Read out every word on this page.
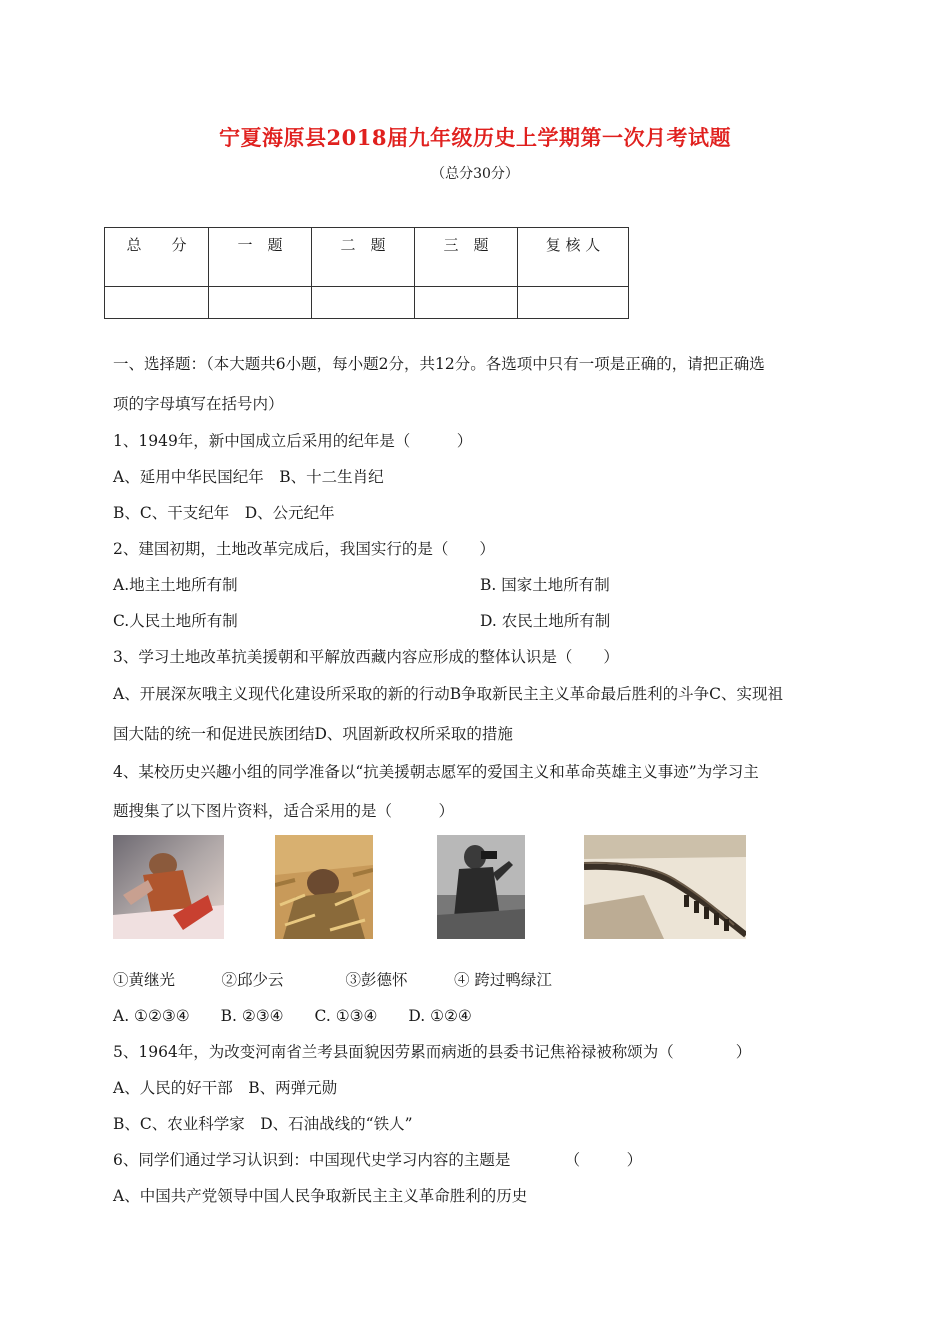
宁夏海原县2018届九年级历史上学期第一次月考试题
（总分30分）
总　　分	一　题	二　题	三　题	复 核 人

一、选择题：（本大题共6小题，每小题2分，共12分。各选项中只有一项是正确的，请把正确选
项的字母填写在括号内）
1、1949年，新中国成立后采用的纪年是（　　　）
A、延用中华民国纪年　B、十二生肖纪
B、C、干支纪年　D、公元纪年
2、建国初期，土地改革完成后，我国实行的是（　　）
A.地主土地所有制	B. 国家土地所有制
C.人民土地所有制	D. 农民土地所有制
3、学习土地改革抗美援朝和平解放西藏内容应形成的整体认识是（　　）
A、开展深灰哦主义现代化建设所采取的新的行动B争取新民主主义革命最后胜利的斗争C、实现祖
国大陆的统一和促进民族团结D、巩固新政权所采取的措施
4、某校历史兴趣小组的同学准备以“抗美援朝志愿军的爱国主义和革命英雄主义事迹”为学习主
题搜集了以下图片资料，适合采用的是（　　　）
①黄继光　　　②邱少云　　　　③彭德怀　　　④ 跨过鸭绿江
A. ①②③④　　B. ②③④　　C. ①③④　　D. ①②④
5、1964年，为改变河南省兰考县面貌因劳累而病逝的县委书记焦裕禄被称颂为（　　　　）
A、人民的好干部　B、两弹元勋
B、C、农业科学家　D、石油战线的“铁人”
6、同学们通过学习认识到：中国现代史学习内容的主题是　　　　（　　　）
A、中国共产党领导中国人民争取新民主主义革命胜利的历史
